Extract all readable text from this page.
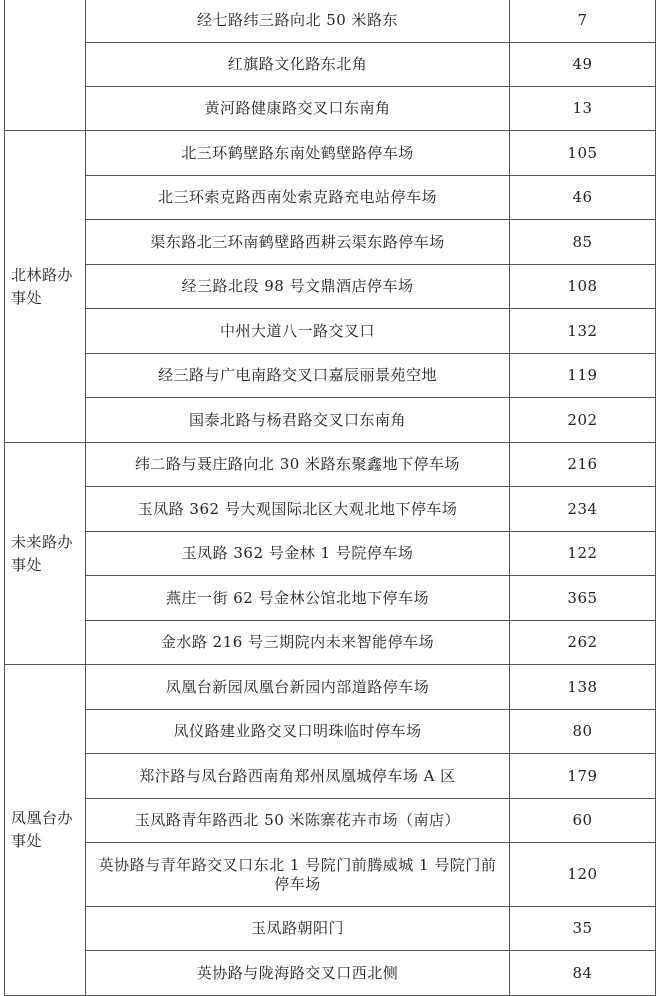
	经七路纬三路向北 50 米路东	7
	红旗路文化路东北角	49
	黄河路健康路交叉口东南角	13
北林路办事处	北三环鹤壁路东南处鹤壁路停车场	105
	北三环索克路西南处索克路充电站停车场	46
	渠东路北三环南鹤壁路西耕云渠东路停车场	85
	经三路北段 98 号文鼎酒店停车场	108
	中州大道八一路交叉口	132
	经三路与广电南路交叉口嘉辰丽景苑空地	119
	国泰北路与杨君路交叉口东南角	202
未来路办事处	纬二路与聂庄路向北 30 米路东聚鑫地下停车场	216
	玉凤路 362 号大观国际北区大观北地下停车场	234
	玉凤路 362 号金林 1 号院停车场	122
	燕庄一街 62 号金林公馆北地下停车场	365
	金水路 216 号三期院内未来智能停车场	262
凤凰台办事处	凤凰台新园凤凰台新园内部道路停车场	138
	凤仪路建业路交叉口明珠临时停车场	80
	郑汴路与凤台路西南角郑州凤凰城停车场 A 区	179
	玉凤路青年路西北 50 米陈寨花卉市场（南店）	60
	英协路与青年路交叉口东北 1 号院门前腾威城 1 号院门前停车场	120
	玉凤路朝阳门	35
	英协路与陇海路交叉口西北侧	84
